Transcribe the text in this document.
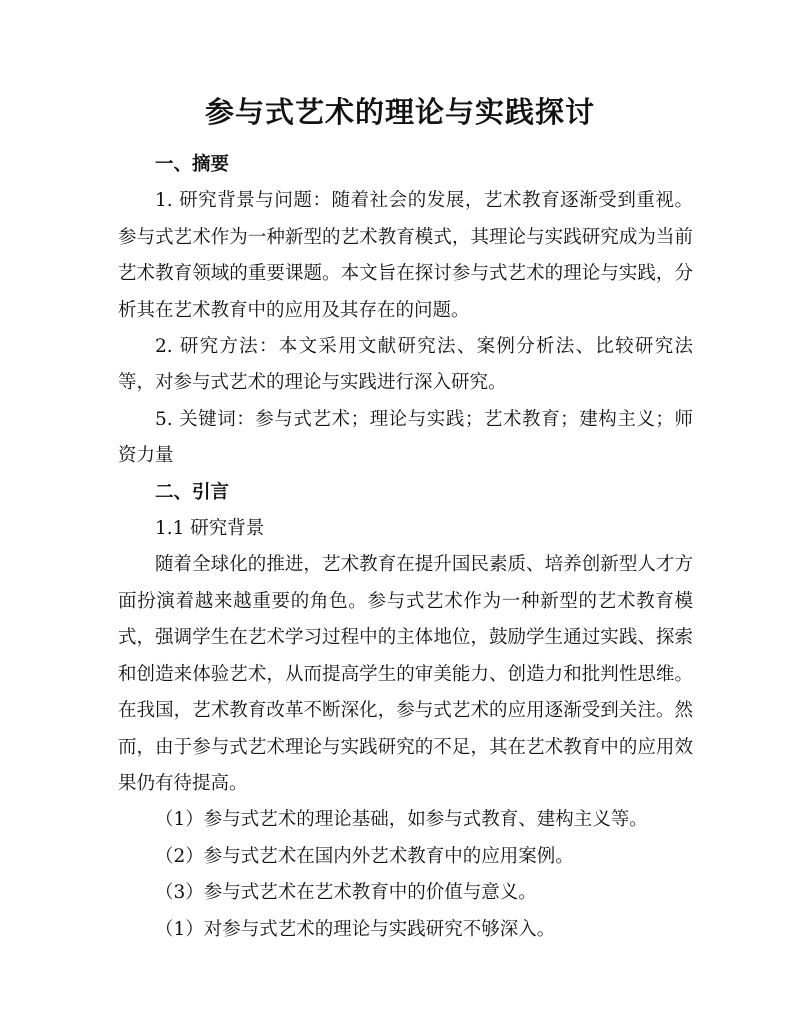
参与式艺术的理论与实践探讨

一、摘要

1. 研究背景与问题：随着社会的发展，艺术教育逐渐受到重视。参与式艺术作为一种新型的艺术教育模式，其理论与实践研究成为当前艺术教育领域的重要课题。本文旨在探讨参与式艺术的理论与实践，分析其在艺术教育中的应用及其存在的问题。

2. 研究方法：本文采用文献研究法、案例分析法、比较研究法等，对参与式艺术的理论与实践进行深入研究。

5. 关键词：参与式艺术；理论与实践；艺术教育；建构主义；师资力量

二、引言

1.1 研究背景

随着全球化的推进，艺术教育在提升国民素质、培养创新型人才方面扮演着越来越重要的角色。参与式艺术作为一种新型的艺术教育模式，强调学生在艺术学习过程中的主体地位，鼓励学生通过实践、探索和创造来体验艺术，从而提高学生的审美能力、创造力和批判性思维。在我国，艺术教育改革不断深化，参与式艺术的应用逐渐受到关注。然而，由于参与式艺术理论与实践研究的不足，其在艺术教育中的应用效果仍有待提高。

（1）参与式艺术的理论基础，如参与式教育、建构主义等。

（2）参与式艺术在国内外艺术教育中的应用案例。

（3）参与式艺术在艺术教育中的价值与意义。

（1）对参与式艺术的理论与实践研究不够深入。
